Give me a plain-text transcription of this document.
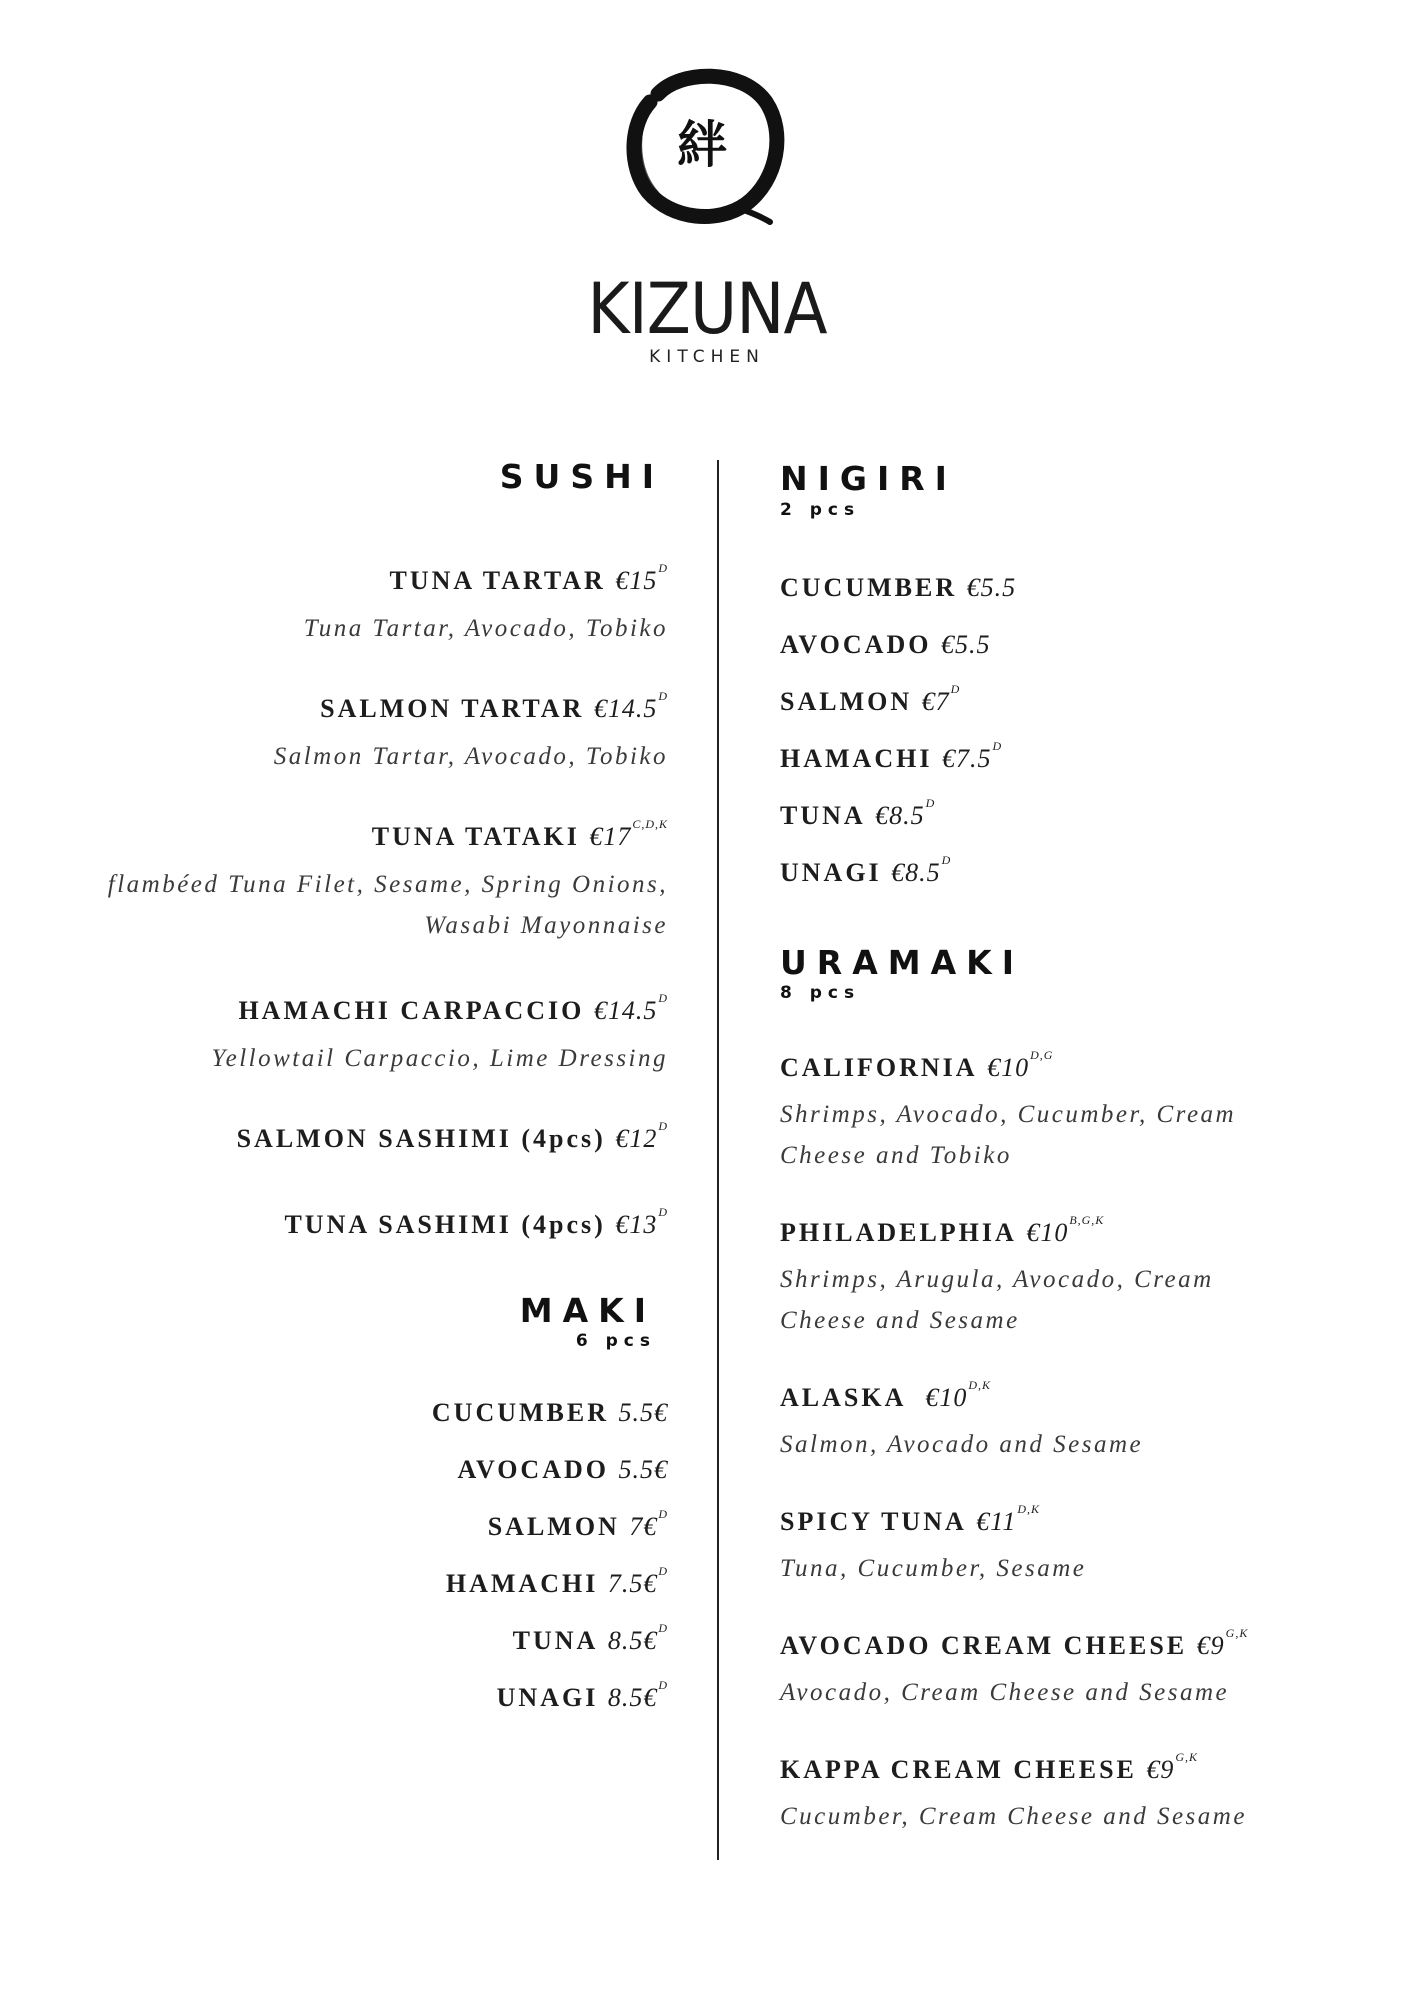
絆
KIZUNA
KITCHEN
SUSHI
TUNA TARTAR $€15^D$
Tuna Tartar, Avocado, Tobiko
SALMON TARTAR $€14.5^D$
Salmon Tartar, Avocado, Tobiko
TUNA TATAKI $€17^{C,D,K}$
flambéed Tuna Filet, Sesame, Spring Onions,
Wasabi Mayonnaise
HAMACHI CARPACCIO $€14.5^D$
Yellowtail Carpaccio, Lime Dressing
SALMON SASHIMI (4pcs) $€12^D$
TUNA SASHIMI (4pcs) $€13^D$
MAKI
6 pcs
CUCUMBER 5.5€
AVOCADO 5.5€
SALMON 7€$^D$
HAMACHI 7.5€$^D$
TUNA 8.5€$^D$
UNAGI 8.5€$^D$
NIGIRI
2 pcs
CUCUMBER €5.5
AVOCADO €5.5
SALMON $€7^D$
HAMACHI $€7.5^D$
TUNA $€8.5^D$
UNAGI $€8.5^D$
URAMAKI
8 pcs
CALIFORNIA $€10^{D,G}$
Shrimps, Avocado, Cucumber, Cream
Cheese and Tobiko
PHILADELPHIA $€10^{B,G,K}$
Shrimps, Arugula, Avocado, Cream
Cheese and Sesame
ALASKA $€10^{D,K}$
Salmon, Avocado and Sesame
SPICY TUNA $€11^{D,K}$
Tuna, Cucumber, Sesame
AVOCADO CREAM CHEESE $€9^{G,K}$
Avocado, Cream Cheese and Sesame
KAPPA CREAM CHEESE $€9^{G,K}$
Cucumber, Cream Cheese and Sesame
